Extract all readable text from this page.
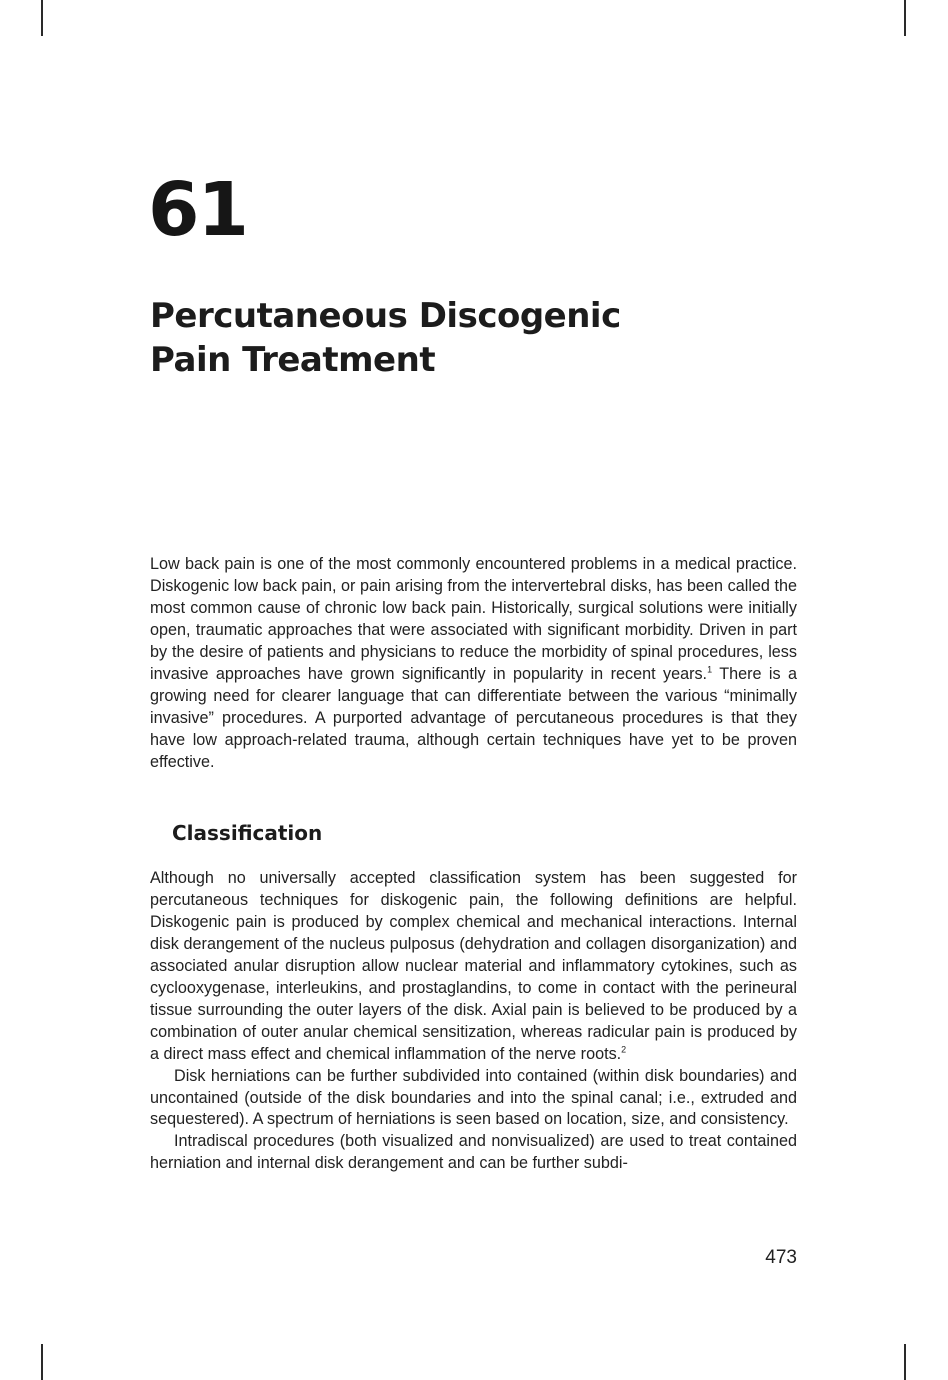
61
Percutaneous Discogenic
Pain Treatment

Low back pain is one of the most commonly encountered problems in a medical practice. Diskogenic low back pain, or pain arising from the intervertebral disks, has been called the most common cause of chronic low back pain. Historically, surgical solutions were initially open, traumatic approaches that were associated with significant morbidity. Driven in part by the desire of patients and physicians to reduce the morbidity of spinal procedures, less invasive approaches have grown significantly in popularity in recent years.$^1$ There is a growing need for clearer language that can differentiate between the various “minimally invasive” procedures. A purported advantage of percutaneous procedures is that they have low approach-related trauma, although certain techniques have yet to be proven effective.

Classification

Although no universally accepted classification system has been suggested for percutaneous techniques for diskogenic pain, the following definitions are helpful. Diskogenic pain is produced by complex chemical and mechanical interactions. Internal disk derangement of the nucleus pulposus (dehydration and collagen disorganization) and associated anular disruption allow nuclear material and inflammatory cytokines, such as cyclooxygenase, interleukins, and prostaglandins, to come in contact with the perineural tissue surrounding the outer layers of the disk. Axial pain is believed to be produced by a combination of outer anular chemical sensitization, whereas radicular pain is produced by a direct mass effect and chemical inflammation of the nerve roots.$^2$

Disk herniations can be further subdivided into contained (within disk boundaries) and uncontained (outside of the disk boundaries and into the spinal canal; i.e., extruded and sequestered). A spectrum of herniations is seen based on location, size, and consistency.

Intradiscal procedures (both visualized and nonvisualized) are used to treat contained herniation and internal disk derangement and can be further subdi-

473
